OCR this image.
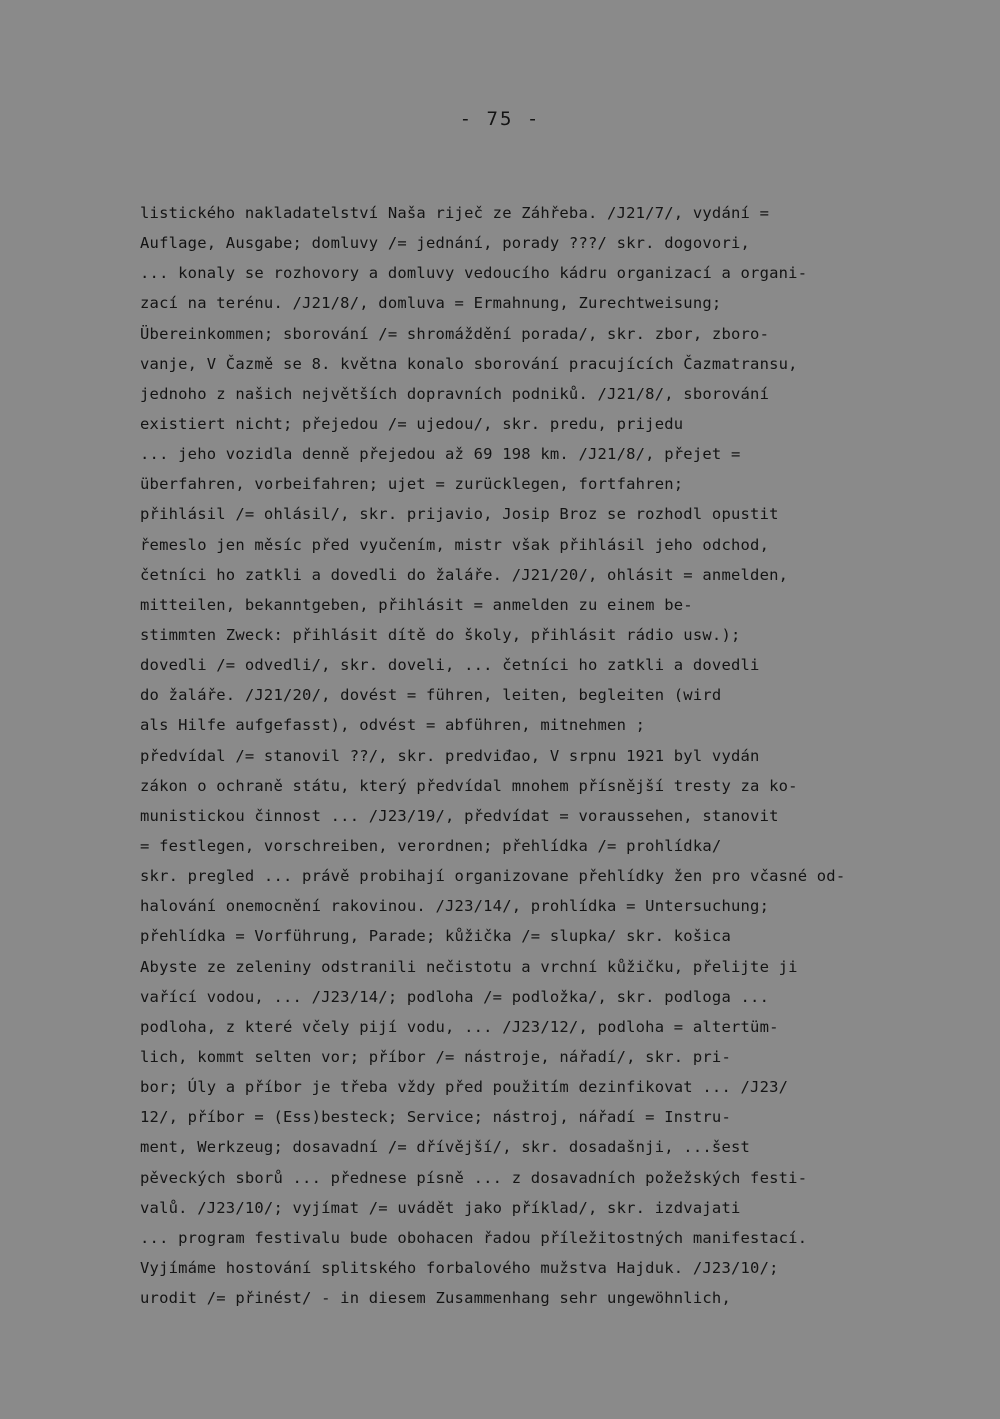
- 75 -
listického nakladatelství Naša riječ ze Záhřeba. /J21/7/, vydání =
Auflage, Ausgabe; domluvy /= jednání, porady ???/ skr. dogovori,
... konaly se rozhovory a domluvy vedoucího kádru organizací a organi-
zací na terénu. /J21/8/, domluva = Ermahnung, Zurechtweisung;
Übereinkommen; sborování /= shromáždění porada/, skr. zbor, zboro-
vanje, V Čazmě se 8. května konalo sborování pracujících Čazmatransu,
jednoho z našich největších dopravních podniků. /J21/8/, sborování
existiert nicht; přejedou /= ujedou/, skr. predu, prijedu
... jeho vozidla denně přejedou až 69 198 km. /J21/8/, přejet =
überfahren, vorbeifahren; ujet = zurücklegen, fortfahren;
přihlásil /= ohlásil/, skr. prijavio, Josip Broz se rozhodl opustit
řemeslo jen měsíc před vyučením, mistr však přihlásil jeho odchod,
četníci ho zatkli a dovedli do žaláře. /J21/20/, ohlásit = anmelden,
mitteilen, bekanntgeben, přihlásit = anmelden zu einem be-
stimmten Zweck: přihlásit dítě do školy, přihlásit rádio usw.);
dovedli /= odvedli/, skr. doveli, ... četníci ho zatkli a dovedli
do žaláře. /J21/20/, dovést = führen, leiten, begleiten (wird
als Hilfe aufgefasst), odvést = abführen, mitnehmen ;
předvídal /= stanovil ??/, skr. predviđao, V srpnu 1921 byl vydán
zákon o ochraně státu, který předvídal mnohem přísnější tresty za ko-
munistickou činnost ... /J23/19/, předvídat = voraussehen, stanovit
= festlegen, vorschreiben, verordnen; přehlídka /= prohlídka/
skr. pregled ... právě probihají organizovane přehlídky žen pro včasné od-
halování onemocnění rakovinou. /J23/14/, prohlídka = Untersuchung;
přehlídka = Vorführung, Parade; kůžička /= slupka/ skr. košica
Abyste ze zeleniny odstranili nečistotu a vrchní kůžičku, přelijte ji
vařící vodou, ... /J23/14/; podloha /= podložka/, skr. podloga ...
podloha, z které včely pijí vodu, ... /J23/12/, podloha = altertüm-
lich, kommt selten vor; příbor /= nástroje, nářadí/, skr. pri-
bor; Úly a příbor je třeba vždy před použitím dezinfikovat ... /J23/
12/, příbor = (Ess)besteck; Service; nástroj, nářadí = Instru-
ment, Werkzeug; dosavadní /= dřívější/, skr. dosadašnji, ...šest
pěveckých sborů ... přednese písně ... z dosavadních požežských festi-
valů. /J23/10/; vyjímat /= uvádět jako příklad/, skr. izdvajati
... program festivalu bude obohacen řadou příležitostných manifestací.
Vyjímáme hostování splitského forbalového mužstva Hajduk. /J23/10/;
urodit /= přinést/ - in diesem Zusammenhang sehr ungewöhnlich,
